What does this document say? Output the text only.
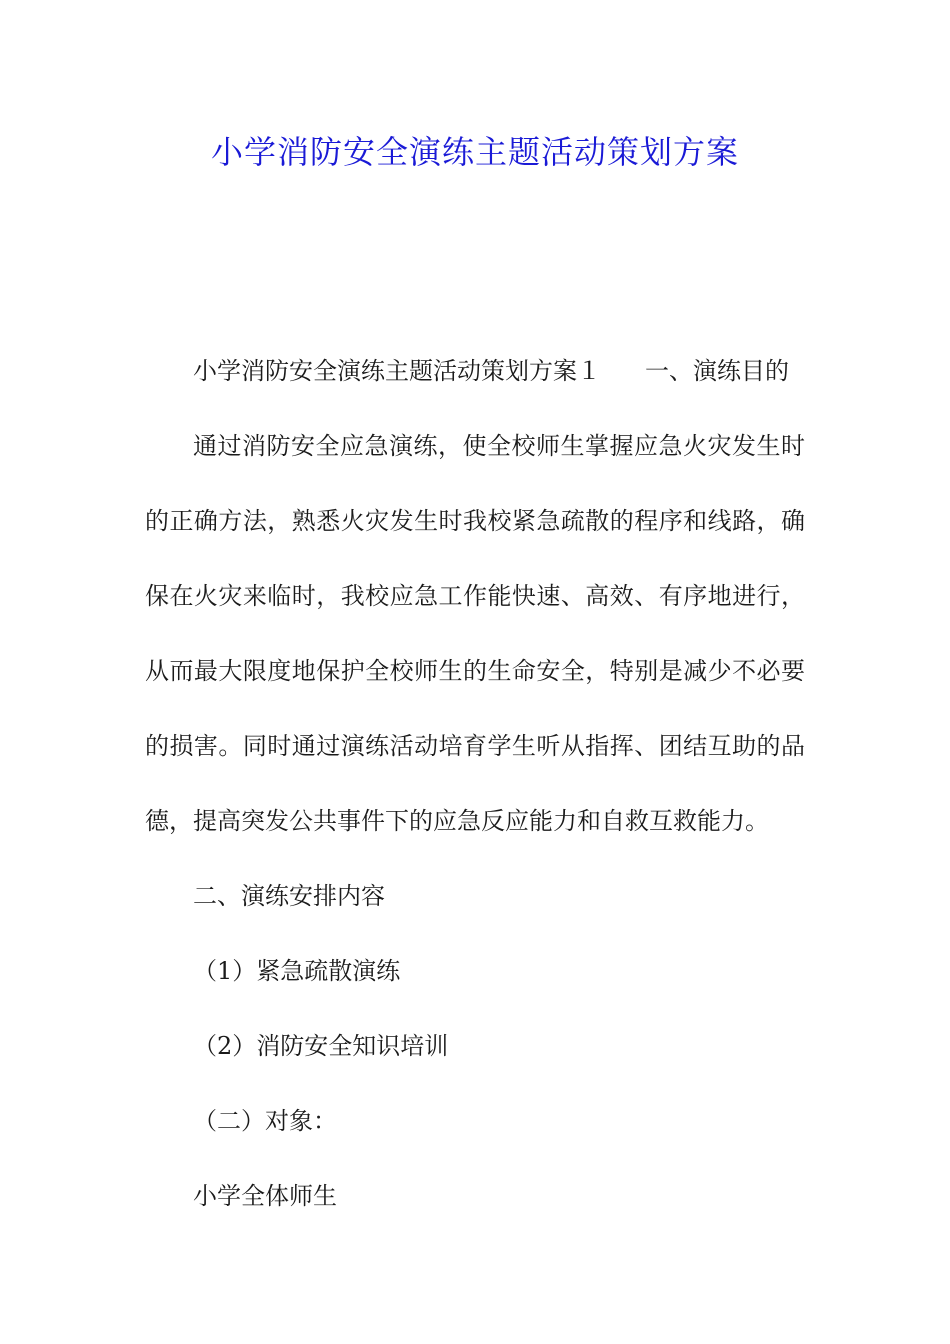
小学消防安全演练主题活动策划方案

小学消防安全演练主题活动策划方案１ 一、演练目的

通过消防安全应急演练，使全校师生掌握应急火灾发生时的正确方法，熟悉火灾发生时我校紧急疏散的程序和线路，确保在火灾来临时，我校应急工作能快速、高效、有序地进行，从而最大限度地保护全校师生的生命安全，特别是减少不必要的损害。同时通过演练活动培育学生听从指挥、团结互助的品德，提高突发公共事件下的应急反应能力和自救互救能力。

二、演练安排内容

（1）紧急疏散演练

（2）消防安全知识培训

（二）对象：

小学全体师生
